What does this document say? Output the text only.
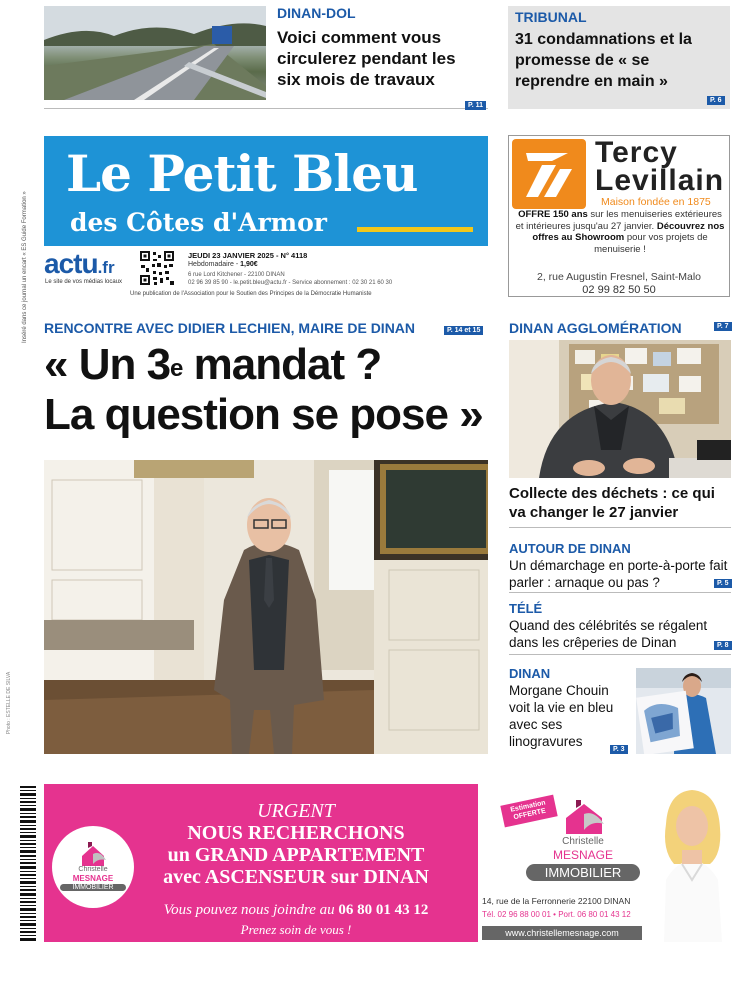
DINAN-DOL
Voici comment vous circulerez pendant les six mois de travaux
P. 11
TRIBUNAL
31 condamnations et la promesse de « se reprendre en main »
P. 6
Inséré dans ce journal un encart « ES Guide Formation »
Le Petit Bleu
des Côtes d'Armor
actu.fr
Le site de vos médias locaux
JEUDI 23 JANVIER 2025 - N° 4118
Hebdomadaire - 1,90€
6 rue Lord Kitchener - 22100 DINAN
02 96 39 85 90 - le.petit.bleu@actu.fr - Service abonnement : 02 30 21 60 30
Une publication de l'Association pour le Soutien des Principes de la Démocratie Humaniste
Tercy
Levillain
Maison fondée en 1875
OFFRE 150 ans sur les menuiseries extérieures et intérieures jusqu'au 27 janvier. Découvrez nos offres au Showroom pour vos projets de menuiserie !
2, rue Augustin Fresnel, Saint-Malo
02 99 82 50 50
RENCONTRE AVEC DIDIER LECHIEN, MAIRE DE DINAN	P. 14 et 15
« Un 3e mandat ?
La question se pose »
Photo : ESTELLE DE SILVA
DINAN AGGLOMÉRATION	P. 7
Collecte des déchets : ce qui va changer le 27 janvier
AUTOUR DE DINAN
Un démarchage en porte-à-porte fait parler : arnaque ou pas ?	P. 5
TÉLÉ
Quand des célébrités se régalent dans les crêperies de Dinan	P. 8
DINAN
Morgane Chouin voit la vie en bleu avec ses linogravures
P. 3
Christelle
MESNAGE
IMMOBILIER
URGENT
NOUS RECHERCHONS
un GRAND APPARTEMENT
avec ASCENSEUR sur DINAN
Vous pouvez nous joindre au 06 80 01 43 12
Prenez soin de vous !
Estimation OFFERTE
Christelle
MESNAGE
IMMOBILIER
14, rue de la Ferronnerie 22100 DINAN
Tél. 02 96 88 00 01 • Port. 06 80 01 43 12
www.christellemesnage.com
